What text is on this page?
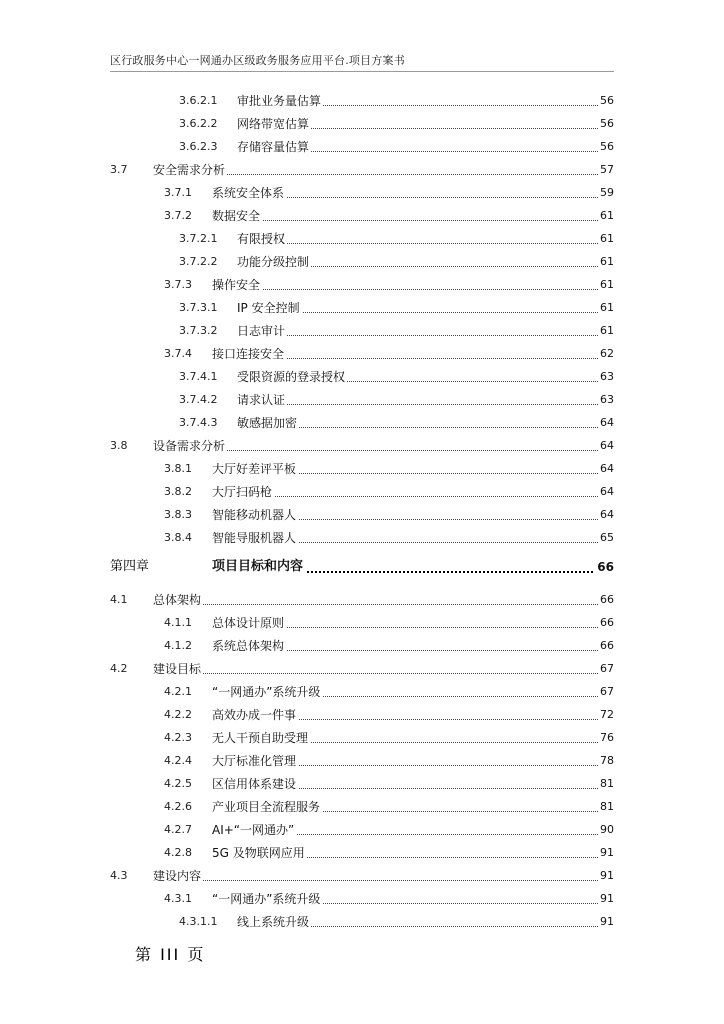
区行政服务中心一网通办区级政务服务应用平台.项目方案书
3.6.2.1 审批业务量估算	56
3.6.2.2 网络带宽估算	56
3.6.2.3 存储容量估算	56
3.7 安全需求分析	57
3.7.1 系统安全体系	59
3.7.2 数据安全	61
3.7.2.1 有限授权	61
3.7.2.2 功能分级控制	61
3.7.3 操作安全	61
3.7.3.1 IP 安全控制	61
3.7.3.2 日志审计	61
3.7.4 接口连接安全	62
3.7.4.1 受限资源的登录授权	63
3.7.4.2 请求认证	63
3.7.4.3 敏感据加密	64
3.8 设备需求分析	64
3.8.1 大厅好差评平板	64
3.8.2 大厅扫码枪	64
3.8.3 智能移动机器人	64
3.8.4 智能导服机器人	65
第四章	项目目标和内容	66
4.1 总体架构	66
4.1.1 总体设计原则	66
4.1.2 系统总体架构	66
4.2 建设目标	67
4.2.1 “一网通办”系统升级	67
4.2.2 高效办成一件事	72
4.2.3 无人干预自助受理	76
4.2.4 大厅标准化管理	78
4.2.5 区信用体系建设	81
4.2.6 产业项目全流程服务	81
4.2.7 AI+“一网通办”	90
4.2.8 5G 及物联网应用	91
4.3 建设内容	91
4.3.1 “一网通办”系统升级	91
4.3.1.1 线上系统升级	91
第 III 页
